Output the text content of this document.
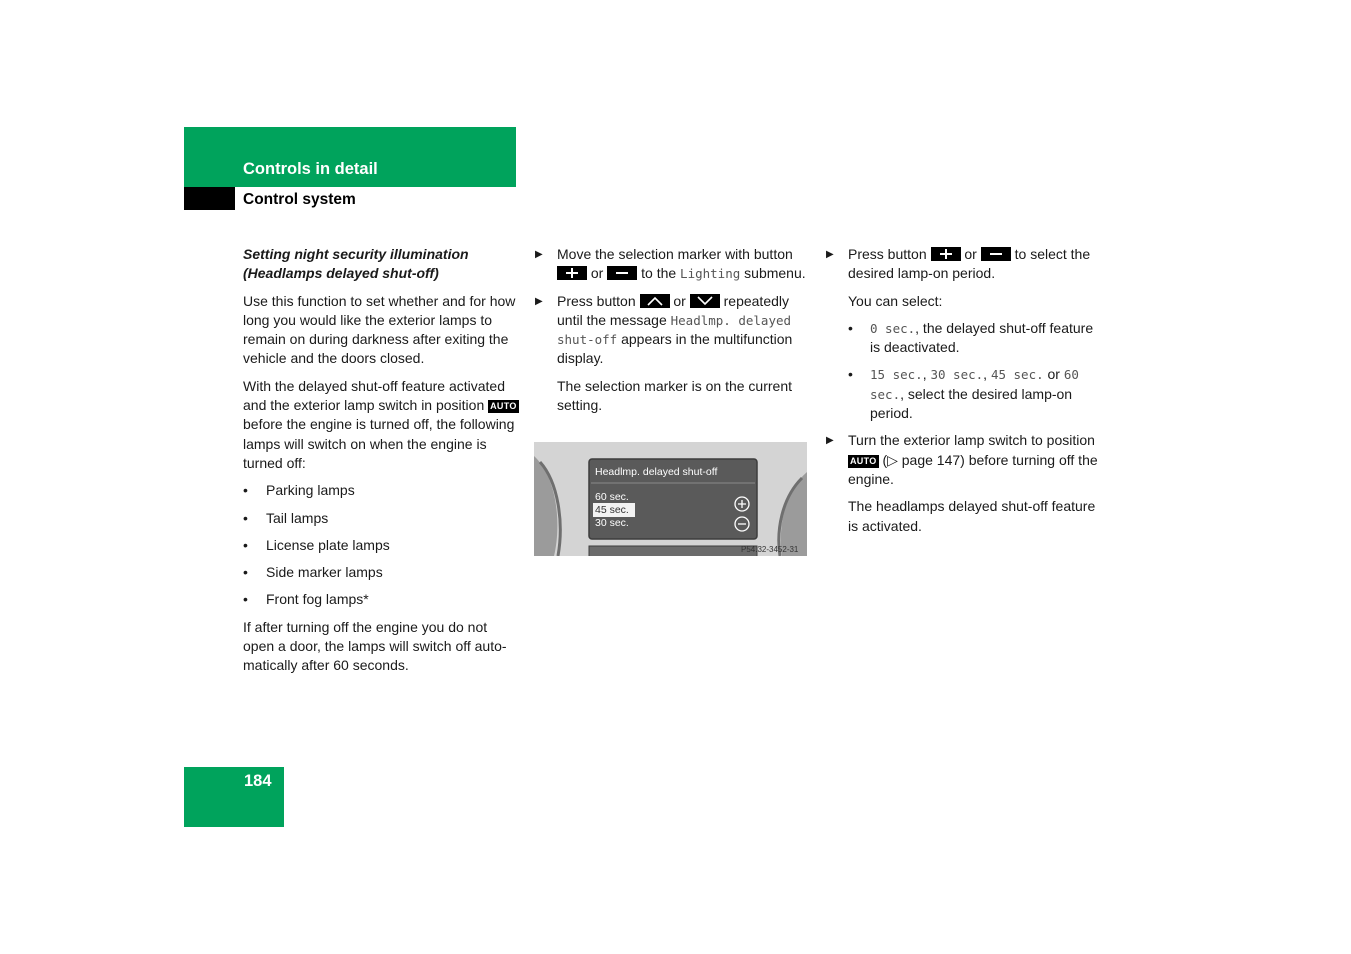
Controls in detail
Control system

Setting night security illumination (Headlamps delayed shut-off)

Use this function to set whether and for how long you would like the exterior lamps to remain on during darkness after exiting the vehicle and the doors closed.

With the delayed shut-off feature activated and the exterior lamp switch in position AUTO before the engine is turned off, the following lamps will switch on when the engine is turned off:

• Parking lamps
• Tail lamps
• License plate lamps
• Side marker lamps
• Front fog lamps*

If after turning off the engine you do not open a door, the lamps will switch off auto-matically after 60 seconds.

▶ Move the selection marker with button  or	to the Lighting submenu.
▶ Press button	or	repeatedly until the message Headlmp. delayed shut-off appears in the multifunction display.

The selection marker is on the current setting.

Headlmp. delayed shut-off
60 sec.
45 sec.
30 sec.
P54.32-3452-31
▶ Press button	or	to select the desired lamp-on period.

You can select:

• 0 sec., the delayed shut-off feature is deactivated.
• 15 sec., 30 sec., 45 sec. or 60 sec., select the desired lamp-on period.
▶ Turn the exterior lamp switch to position AUTO (▷ page 147) before turning off the engine.

The headlamps delayed shut-off feature is activated.

184
